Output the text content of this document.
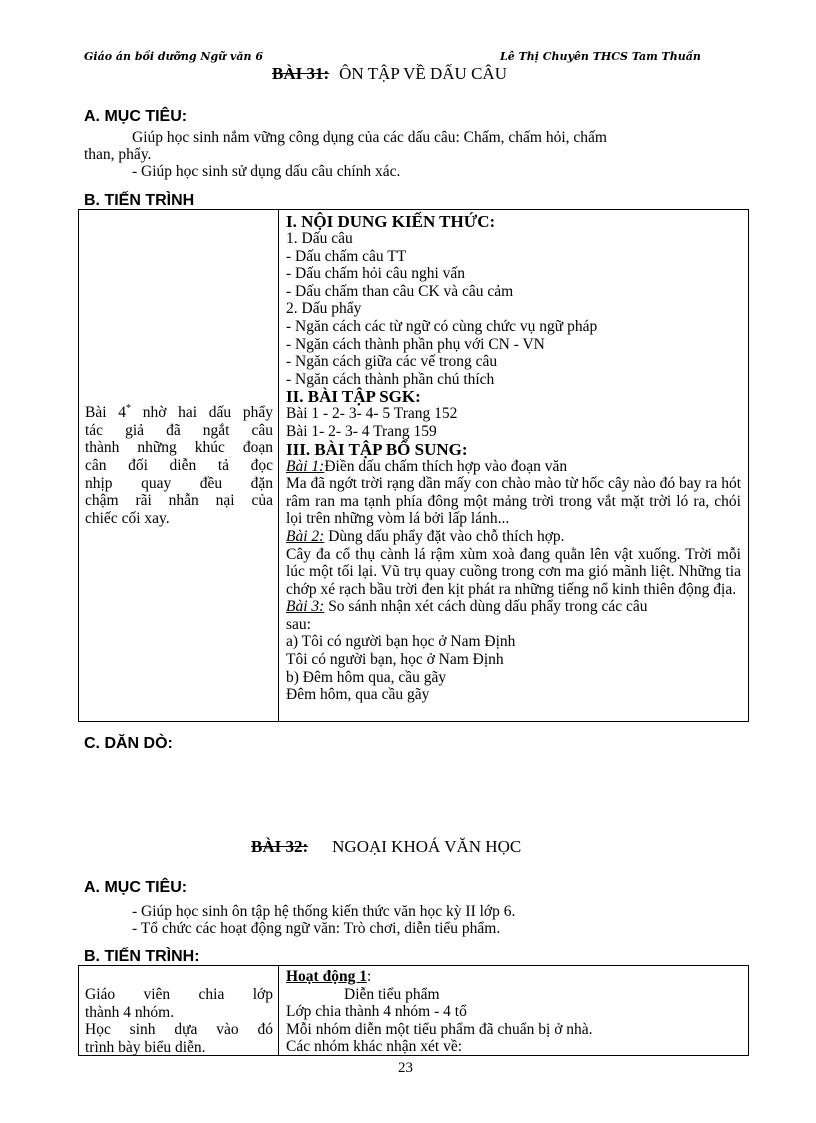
Giáo án bồi dưỡng Ngữ văn 6	Lê Thị Chuyên THCS Tam Thuấn
BÀI 31: ÔN TẬP VỀ DẤU CÂU
A. MỤC TIÊU:
Giúp học sinh nắm vững công dụng của các dấu câu: Chấm, chấm hỏi, chấm
than, phẩy.
- Giúp học sinh sử dụng dấu câu chính xác.
B. TIẾN TRÌNH
Bài 4* nhờ hai dấu phẩy
tác giả đã ngắt câu
thành những khúc đoạn
cân đối diễn tả đọc
nhịp quay đều đặn
chậm rãi nhẫn nại của
chiếc cối xay.
I. NỘI DUNG KIẾN THỨC:
1. Dấu câu
- Dấu chấm câu TT
- Dấu chấm hỏi câu nghi vấn
- Dấu chấm than câu CK và câu cảm
2. Dấu phẩy
- Ngăn cách các từ ngữ có cùng chức vụ ngữ pháp
- Ngăn cách thành phần phụ với CN - VN
- Ngăn cách giữa các vế trong câu
- Ngăn cách thành phần chú thích
II. BÀI TẬP SGK:
Bài 1 - 2- 3- 4- 5 Trang 152
Bài 1- 2- 3- 4 Trang 159
III. BÀI TẬP BỔ SUNG:
Bài 1:Điền dấu chấm thích hợp vào đoạn văn
Ma đã ngớt trời rạng dần mấy con chào mào từ hốc cây nào đó bay ra hót râm ran ma tạnh phía đông một mảng trời trong vắt mặt trời ló ra, chói lọi trên những vòm lá bởi lấp lánh...
Bài 2: Dùng dấu phẩy đặt vào chỗ thích hợp.
Cây đa cổ thụ cành lá rậm xùm xoà đang quằn lên vật xuống. Trời mỗi lúc một tối lại. Vũ trụ quay cuồng trong cơn ma gió mãnh liệt. Những tia chớp xé rạch bầu trời đen kịt phát ra những tiếng nổ kinh thiên động địa.
Bài 3: So sánh nhận xét cách dùng dấu phẩy trong các câu
sau:
a) Tôi có người bạn học ở Nam Định
Tôi có người bạn, học ở Nam Định
b) Đêm hôm qua, cầu gãy
Đêm hôm, qua cầu gãy
C. DĂN DÒ:
BÀI 32: NGOẠI KHOÁ VĂN HỌC
A. MỤC TIÊU:
- Giúp học sinh ôn tập hệ thống kiến thức văn học kỳ II lớp 6.
- Tổ chức các hoạt động ngữ văn: Trò chơi, diễn tiểu phẩm.
B. TIẾN TRÌNH:
Giáo viên chia lớp
thành 4 nhóm.
Học sinh dựa vào đó
trình bày biểu diễn.
Hoạt động 1:
Diễn tiểu phẩm
Lớp chia thành 4 nhóm - 4 tổ
Mỗi nhóm diễn một tiểu phẩm đã chuẩn bị ở nhà.
Các nhóm khác nhận xét về:
23
